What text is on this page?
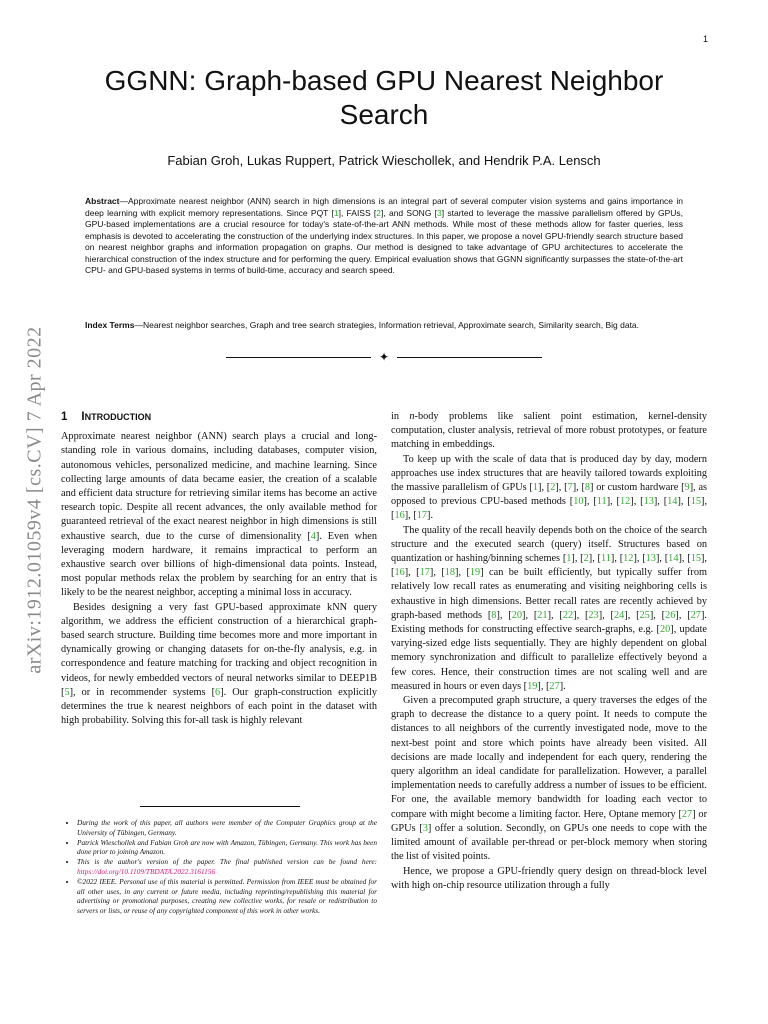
1
arXiv:1912.01059v4 [cs.CV] 7 Apr 2022
GGNN: Graph-based GPU Nearest Neighbor Search
Fabian Groh, Lukas Ruppert, Patrick Wieschollek, and Hendrik P.A. Lensch
Abstract—Approximate nearest neighbor (ANN) search in high dimensions is an integral part of several computer vision systems and gains importance in deep learning with explicit memory representations. Since PQT [1], FAISS [2], and SONG [3] started to leverage the massive parallelism offered by GPUs, GPU-based implementations are a crucial resource for today's state-of-the-art ANN methods. While most of these methods allow for faster queries, less emphasis is devoted to accelerating the construction of the underlying index structures. In this paper, we propose a novel GPU-friendly search structure based on nearest neighbor graphs and information propagation on graphs. Our method is designed to take advantage of GPU architectures to accelerate the hierarchical construction of the index structure and for performing the query. Empirical evaluation shows that GGNN significantly surpasses the state-of-the-art CPU- and GPU-based systems in terms of build-time, accuracy and search speed.
Index Terms—Nearest neighbor searches, Graph and tree search strategies, Information retrieval, Approximate search, Similarity search, Big data.
✦
1 INTRODUCTION

Approximate nearest neighbor (ANN) search plays a crucial and long-standing role in various domains, including databases, computer vision, autonomous vehicles, personalized medicine, and machine learning. Since collecting large amounts of data became easier, the creation of a scalable and efficient data structure for retrieving similar items has become an active research topic. Despite all recent advances, the only available method for guaranteed retrieval of the exact nearest neighbor in high dimensions is still exhaustive search, due to the curse of dimensionality [4]. Even when leveraging modern hardware, it remains impractical to perform an exhaustive search over billions of high-dimensional data points. Instead, most popular methods relax the problem by searching for an entry that is likely to be the nearest neighbor, accepting a minimal loss in accuracy.

Besides designing a very fast GPU-based approximate kNN query algorithm, we address the efficient construction of a hierarchical graph-based search structure. Building time becomes more and more important in dynamically growing or changing datasets for on-the-fly analysis, e.g. in correspondence and feature matching for tracking and object recognition in videos, for newly embedded vectors of neural networks similar to DEEP1B [5], or in recommender systems [6]. Our graph-construction explicitly determines the true k nearest neighbors of each point in the dataset with high probability. Solving this for-all task is highly relevant

• During the work of this paper, all authors were member of the Computer Graphics group at the University of Tübingen, Germany.
• Patrick Wieschollek and Fabian Groh are now with Amazon, Tübingen, Germany. This work has been done prior to joining Amazon.
• This is the author's version of the paper. The final published version can be found here: https://doi.org/10.1109/TBDATA.2022.3161156
• ©2022 IEEE. Personal use of this material is permitted. Permission from IEEE must be obtained for all other uses, in any current or future media, including reprinting/republishing this material for advertising or promotional purposes, creating new collective works, for resale or redistribution to servers or lists, or reuse of any copyrighted component of this work in other works.

in n-body problems like salient point estimation, kernel-density computation, cluster analysis, retrieval of more robust prototypes, or feature matching in embeddings.

To keep up with the scale of data that is produced day by day, modern approaches use index structures that are heavily tailored towards exploiting the massive parallelism of GPUs [1], [2], [7], [8] or custom hardware [9], as opposed to previous CPU-based methods [10], [11], [12], [13], [14], [15], [16], [17].

The quality of the recall heavily depends both on the choice of the search structure and the executed search (query) itself. Structures based on quantization or hashing/binning schemes [1], [2], [11], [12], [13], [14], [15], [16], [17], [18], [19] can be built efficiently, but typically suffer from relatively low recall rates as enumerating and visiting neighboring cells is exhaustive in high dimensions. Better recall rates are recently achieved by graph-based methods [8], [20], [21], [22], [23], [24], [25], [26], [27]. Existing methods for constructing effective search-graphs, e.g. [20], update varying-sized edge lists sequentially. They are highly dependent on global memory synchronization and difficult to parallelize effectively beyond a few cores. Hence, their construction times are not scaling well and are measured in hours or even days [19], [27].

Given a precomputed graph structure, a query traverses the edges of the graph to decrease the distance to a query point. It needs to compute the distances to all neighbors of the currently investigated node, move to the next-best point and store which points have already been visited. All decisions are made locally and independent for each query, rendering the query algorithm an ideal candidate for parallelization. However, a parallel implementation needs to carefully address a number of issues to be efficient. For one, the available memory bandwidth for loading each vector to compare with might become a limiting factor. Here, Optane memory [27] or GPUs [3] offer a solution. Secondly, on GPUs one needs to cope with the limited amount of available per-thread or per-block memory when storing the list of visited points.

Hence, we propose a GPU-friendly query design on thread-block level with high on-chip resource utilization through a fully
